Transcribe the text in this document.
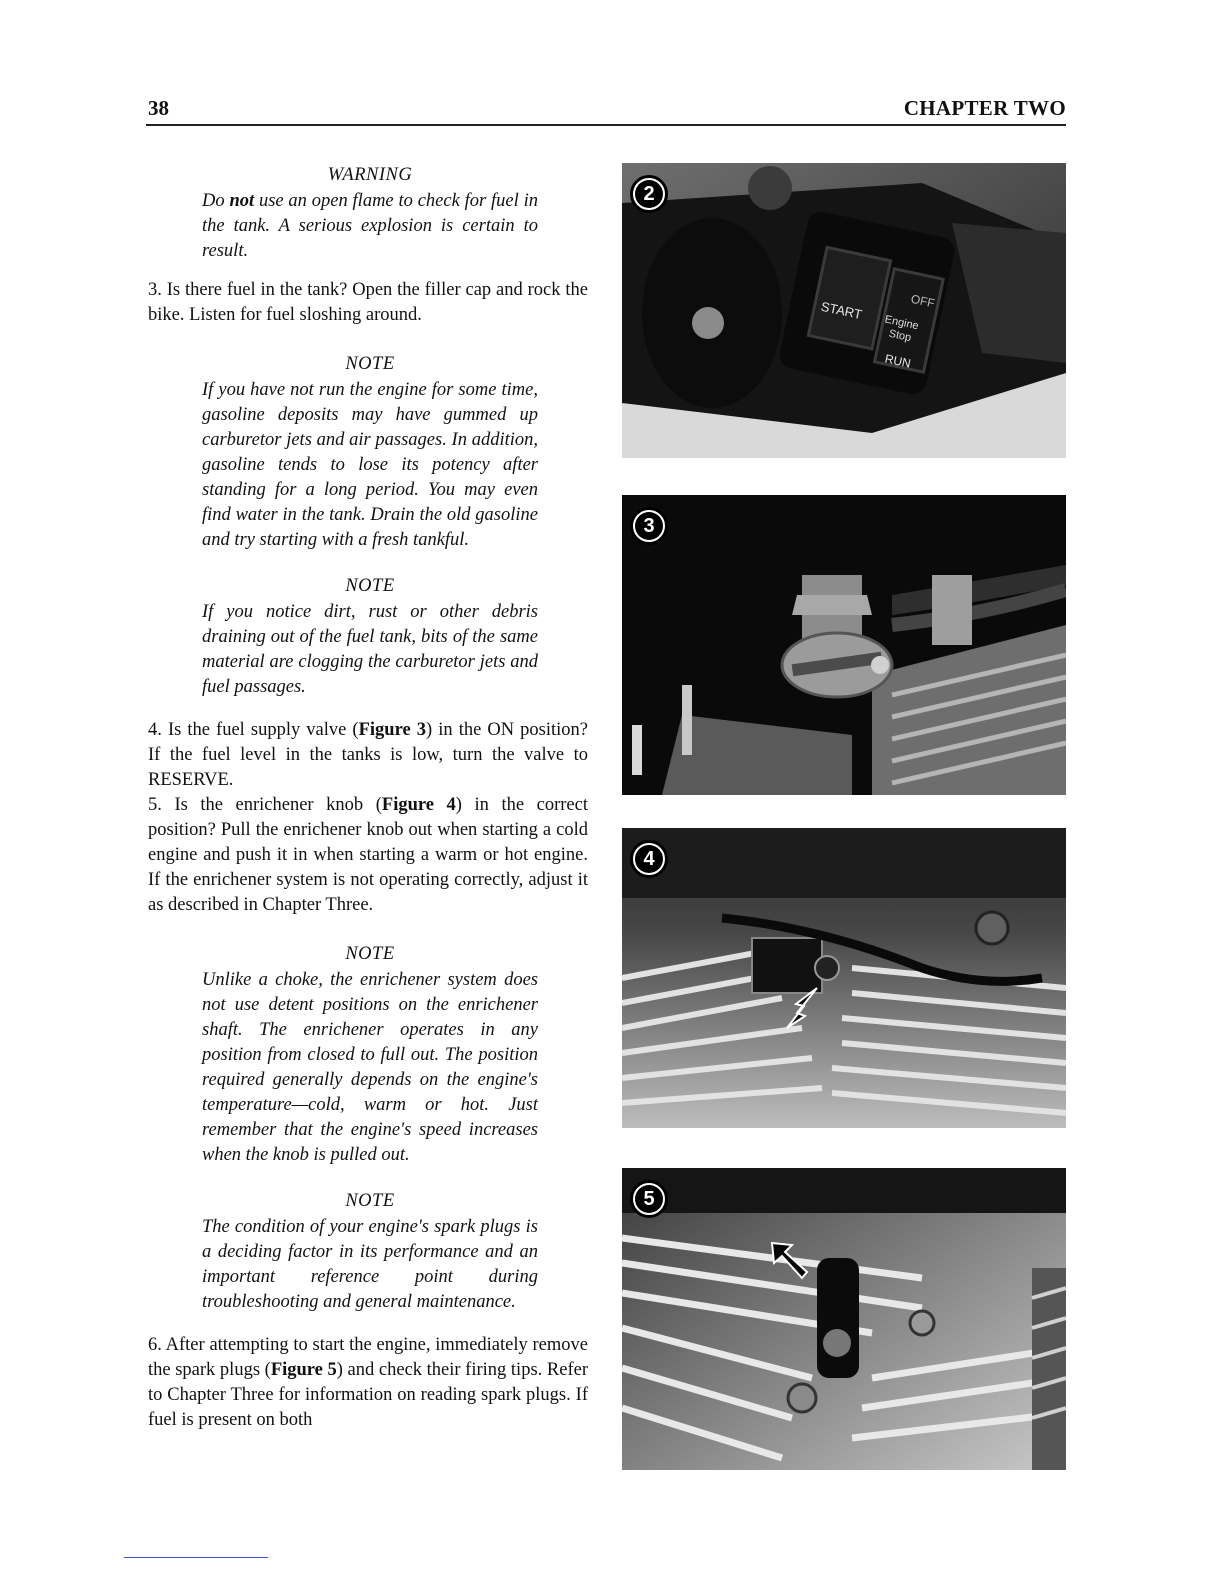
38	CHAPTER TWO
WARNING

Do not use an open flame to check for fuel in the tank. A serious explosion is certain to result.

3. Is there fuel in the tank? Open the filler cap and rock the bike. Listen for fuel sloshing around.

NOTE

If you have not run the engine for some time, gasoline deposits may have gummed up carburetor jets and air passages. In addition, gasoline tends to lose its potency after standing for a long period. You may even find water in the tank. Drain the old gasoline and try starting with a fresh tankful.

NOTE

If you notice dirt, rust or other debris draining out of the fuel tank, bits of the same material are clogging the carburetor jets and fuel passages.

4. Is the fuel supply valve (Figure 3) in the ON position? If the fuel level in the tanks is low, turn the valve to RESERVE.

5. Is the enrichener knob (Figure 4) in the correct position? Pull the enrichener knob out when starting a cold engine and push it in when starting a warm or hot engine. If the enrichener system is not operating correctly, adjust it as described in Chapter Three.

NOTE

Unlike a choke, the enrichener system does not use detent positions on the enrichener shaft. The enrichener operates in any position from closed to full out. The position required generally depends on the engine's temperature—cold, warm or hot. Just remember that the engine's speed increases when the knob is pulled out.

NOTE

The condition of your engine's spark plugs is a deciding factor in its performance and an important reference point during troubleshooting and general maintenance.

6. After attempting to start the engine, immediately remove the spark plugs (Figure 5) and check their firing tips. Refer to Chapter Three for information on reading spark plugs. If fuel is present on both

START	OFF
Engine
Stop
RUN
2
3
4
5
